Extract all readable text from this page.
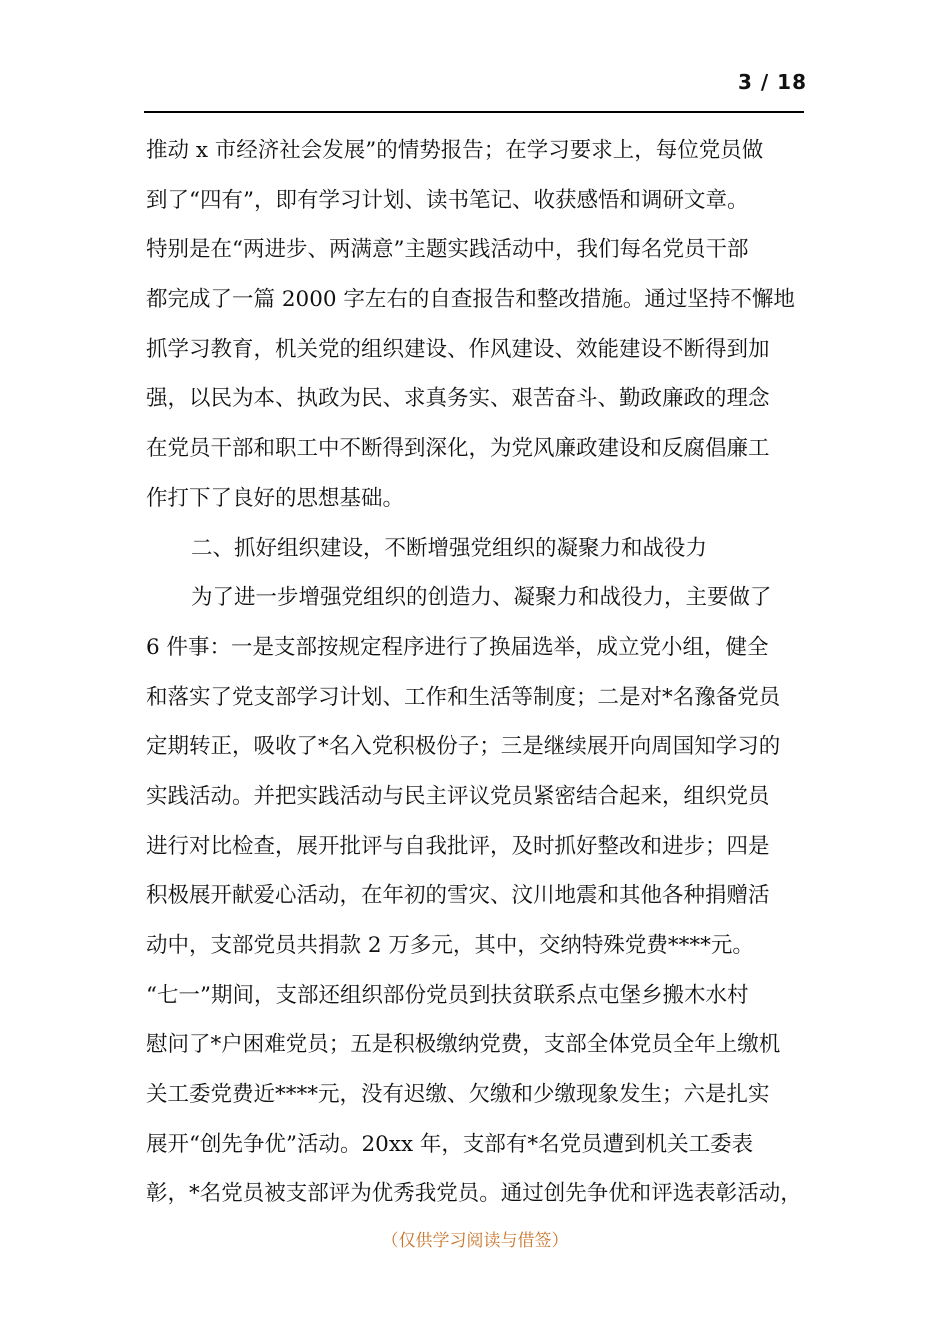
3 / 18
推动 x 市经济社会发展”的情势报告；在学习要求上，每位党员做
到了“四有”，即有学习计划、读书笔记、收获感悟和调研文章。
特别是在“两进步、两满意”主题实践活动中，我们每名党员干部
都完成了一篇 2000 字左右的自查报告和整改措施。通过坚持不懈地
抓学习教育，机关党的组织建设、作风建设、效能建设不断得到加
强，以民为本、执政为民、求真务实、艰苦奋斗、勤政廉政的理念
在党员干部和职工中不断得到深化，为党风廉政建设和反腐倡廉工
作打下了良好的思想基础。
二、抓好组织建设，不断增强党组织的凝聚力和战役力
为了进一步增强党组织的创造力、凝聚力和战役力，主要做了
6 件事：一是支部按规定程序进行了换届选举，成立党小组，健全
和落实了党支部学习计划、工作和生活等制度；二是对*名豫备党员
定期转正，吸收了*名入党积极份子；三是继续展开向周国知学习的
实践活动。并把实践活动与民主评议党员紧密结合起来，组织党员
进行对比检查，展开批评与自我批评，及时抓好整改和进步；四是
积极展开献爱心活动，在年初的雪灾、汶川地震和其他各种捐赠活
动中，支部党员共捐款 2 万多元，其中，交纳特殊党费****元。
“七一”期间，支部还组织部份党员到扶贫联系点屯堡乡搬木水村
慰问了*户困难党员；五是积极缴纳党费，支部全体党员全年上缴机
关工委党费近****元，没有迟缴、欠缴和少缴现象发生；六是扎实
展开“创先争优”活动。20xx 年，支部有*名党员遭到机关工委表
彰，*名党员被支部评为优秀我党员。通过创先争优和评选表彰活动，
（仅供学习阅读与借签）
